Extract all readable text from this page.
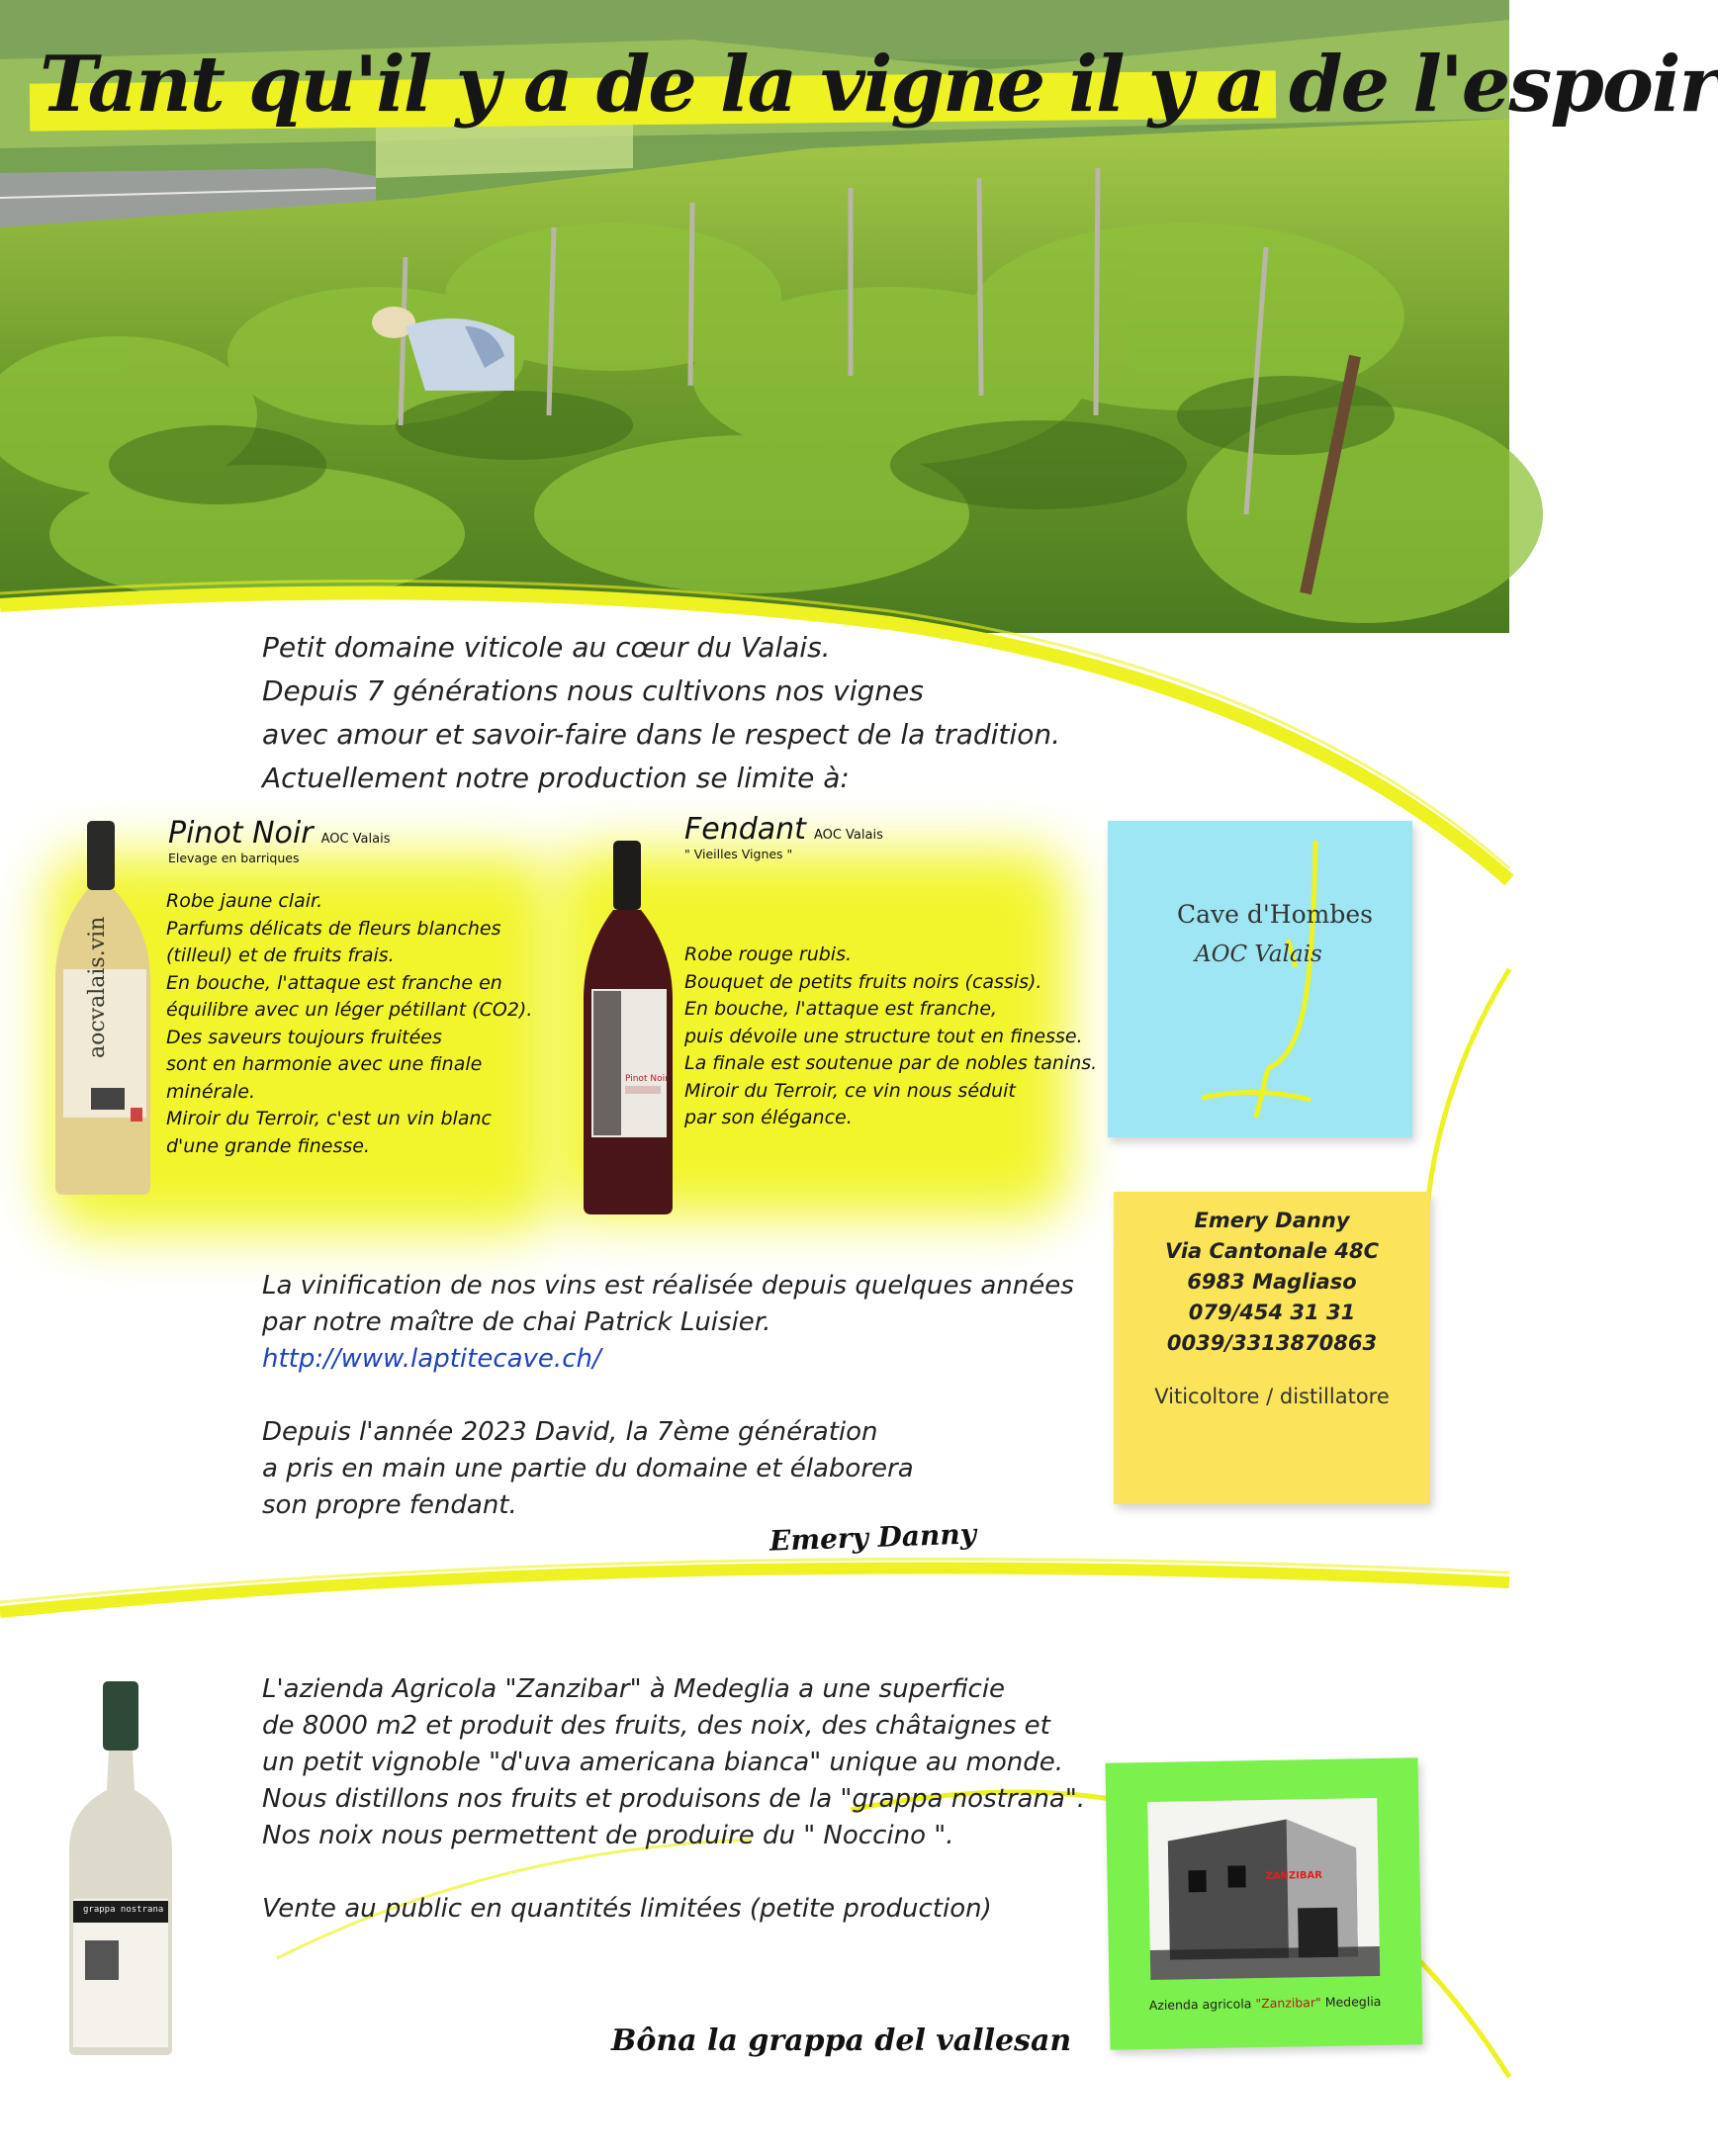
Tant qu'il y a de la vigne il y a de l'espoir
Petit domaine viticole au cœur du Valais.
Depuis 7 générations nous cultivons nos vignes
avec amour et savoir-faire dans le respect de la tradition.
Actuellement notre production se limite à:
aocvalais.vin
Pinot Noir AOC Valais
Elevage en barriques
Robe jaune clair.
Parfums délicats de fleurs blanches
(tilleul) et de fruits frais.
En bouche, l'attaque est franche en
équilibre avec un léger pétillant (CO2).
Des saveurs toujours fruitées
sont en harmonie avec une finale
minérale.
Miroir du Terroir, c'est un vin blanc
d'une grande finesse.
Pinot Noir
Fendant AOC Valais
" Vieilles Vignes "
Robe rouge rubis.
Bouquet de petits fruits noirs (cassis).
En bouche, l'attaque est franche,
puis dévoile une structure tout en finesse.
La finale est soutenue par de nobles tanins.
Miroir du Terroir, ce vin nous séduit
par son élégance.
Cave d'Hombes
AOC Valais
Emery Danny
Via Cantonale 48C
6983 Magliaso
079/454 31 31
0039/3313870863
Viticoltore / distillatore
La vinification de nos vins est réalisée depuis quelques années
par notre maître de chai Patrick Luisier.
http://www.laptitecave.ch/
Depuis l'année 2023 David, la 7ème génération
a pris en main une partie du domaine et élaborera
son propre fendant.
Emery Danny
grappa nostrana
L'azienda Agricola "Zanzibar" à Medeglia a une superficie
de 8000 m2 et produit des fruits, des noix, des châtaignes et
un petit vignoble "d'uva americana bianca" unique au monde.
Nous distillons nos fruits et produisons de la "grappa nostrana".
Nos noix nous permettent de produire du " Noccino ".
Vente au public en quantités limitées (petite production)
ZANZIBAR
Azienda agricola "Zanzibar" Medeglia
Bôna la grappa del vallesan
